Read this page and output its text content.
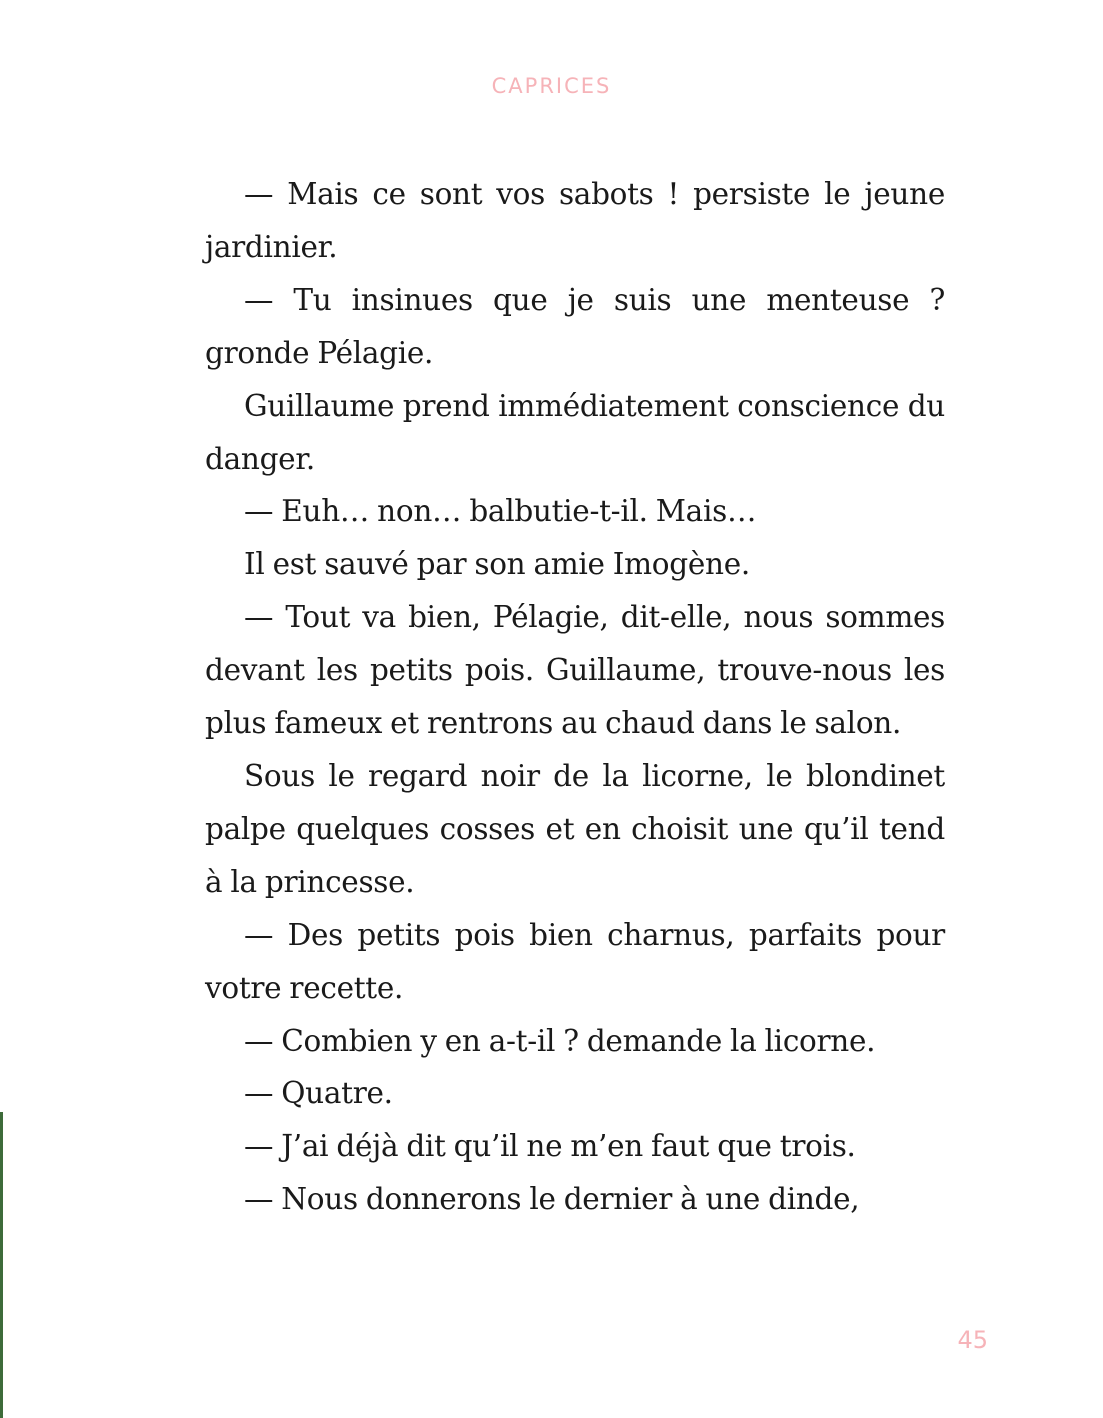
CAPRICES

— Mais ce sont vos sabots ! persiste le jeune jardinier.

— Tu insinues que je suis une menteuse ? gronde Pélagie.

Guillaume prend immédiatement conscience du danger.

— Euh… non… balbutie-t-il. Mais…

Il est sauvé par son amie Imogène.

— Tout va bien, Pélagie, dit-elle, nous sommes devant les petits pois. Guillaume, trouve-nous les plus fameux et rentrons au chaud dans le salon.

Sous le regard noir de la licorne, le blondinet palpe quelques cosses et en choisit une qu’il tend à la princesse.

— Des petits pois bien charnus, parfaits pour votre recette.

— Combien y en a-t-il ? demande la licorne.

— Quatre.

— J’ai déjà dit qu’il ne m’en faut que trois.

— Nous donnerons le dernier à une dinde,

45
